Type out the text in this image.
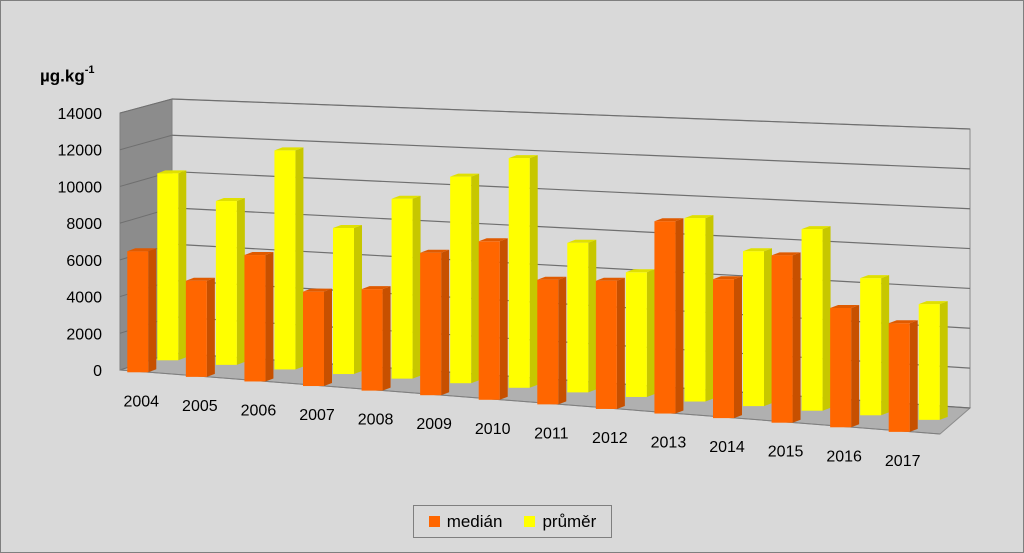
0
2000
4000
6000
8000
10000
12000
14000
2004 2005 2006 2007 2008 2009 2010 2011 2012 2013 2014 2015 2016 2017
$\mu g.kg^{-1}$
medián průměr
